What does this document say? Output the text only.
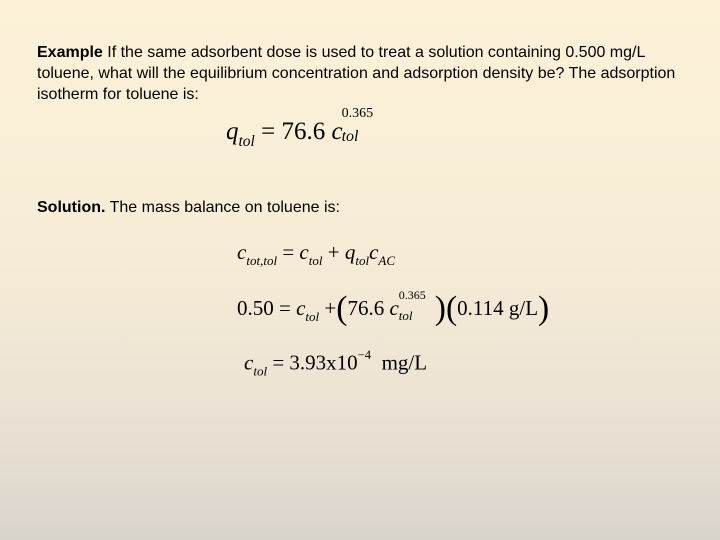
Example If the same adsorbent dose is used to treat a solution containing 0.500 mg/L toluene, what will the equilibrium concentration and adsorption density be? The adsorption isotherm for toluene is:
$q_{tol} = 76.6$ c
0.365
tol
Solution. The mass balance on toluene is:
$c_{tot,tol} = c_{tol} + q_{tol}c_{AC}$
$0.50 = c_{tol} +(76.6$ c
0.365
tol )(0.114 g/L)
$c_{tol} = 3.93x10^{-4}$ mg/L
